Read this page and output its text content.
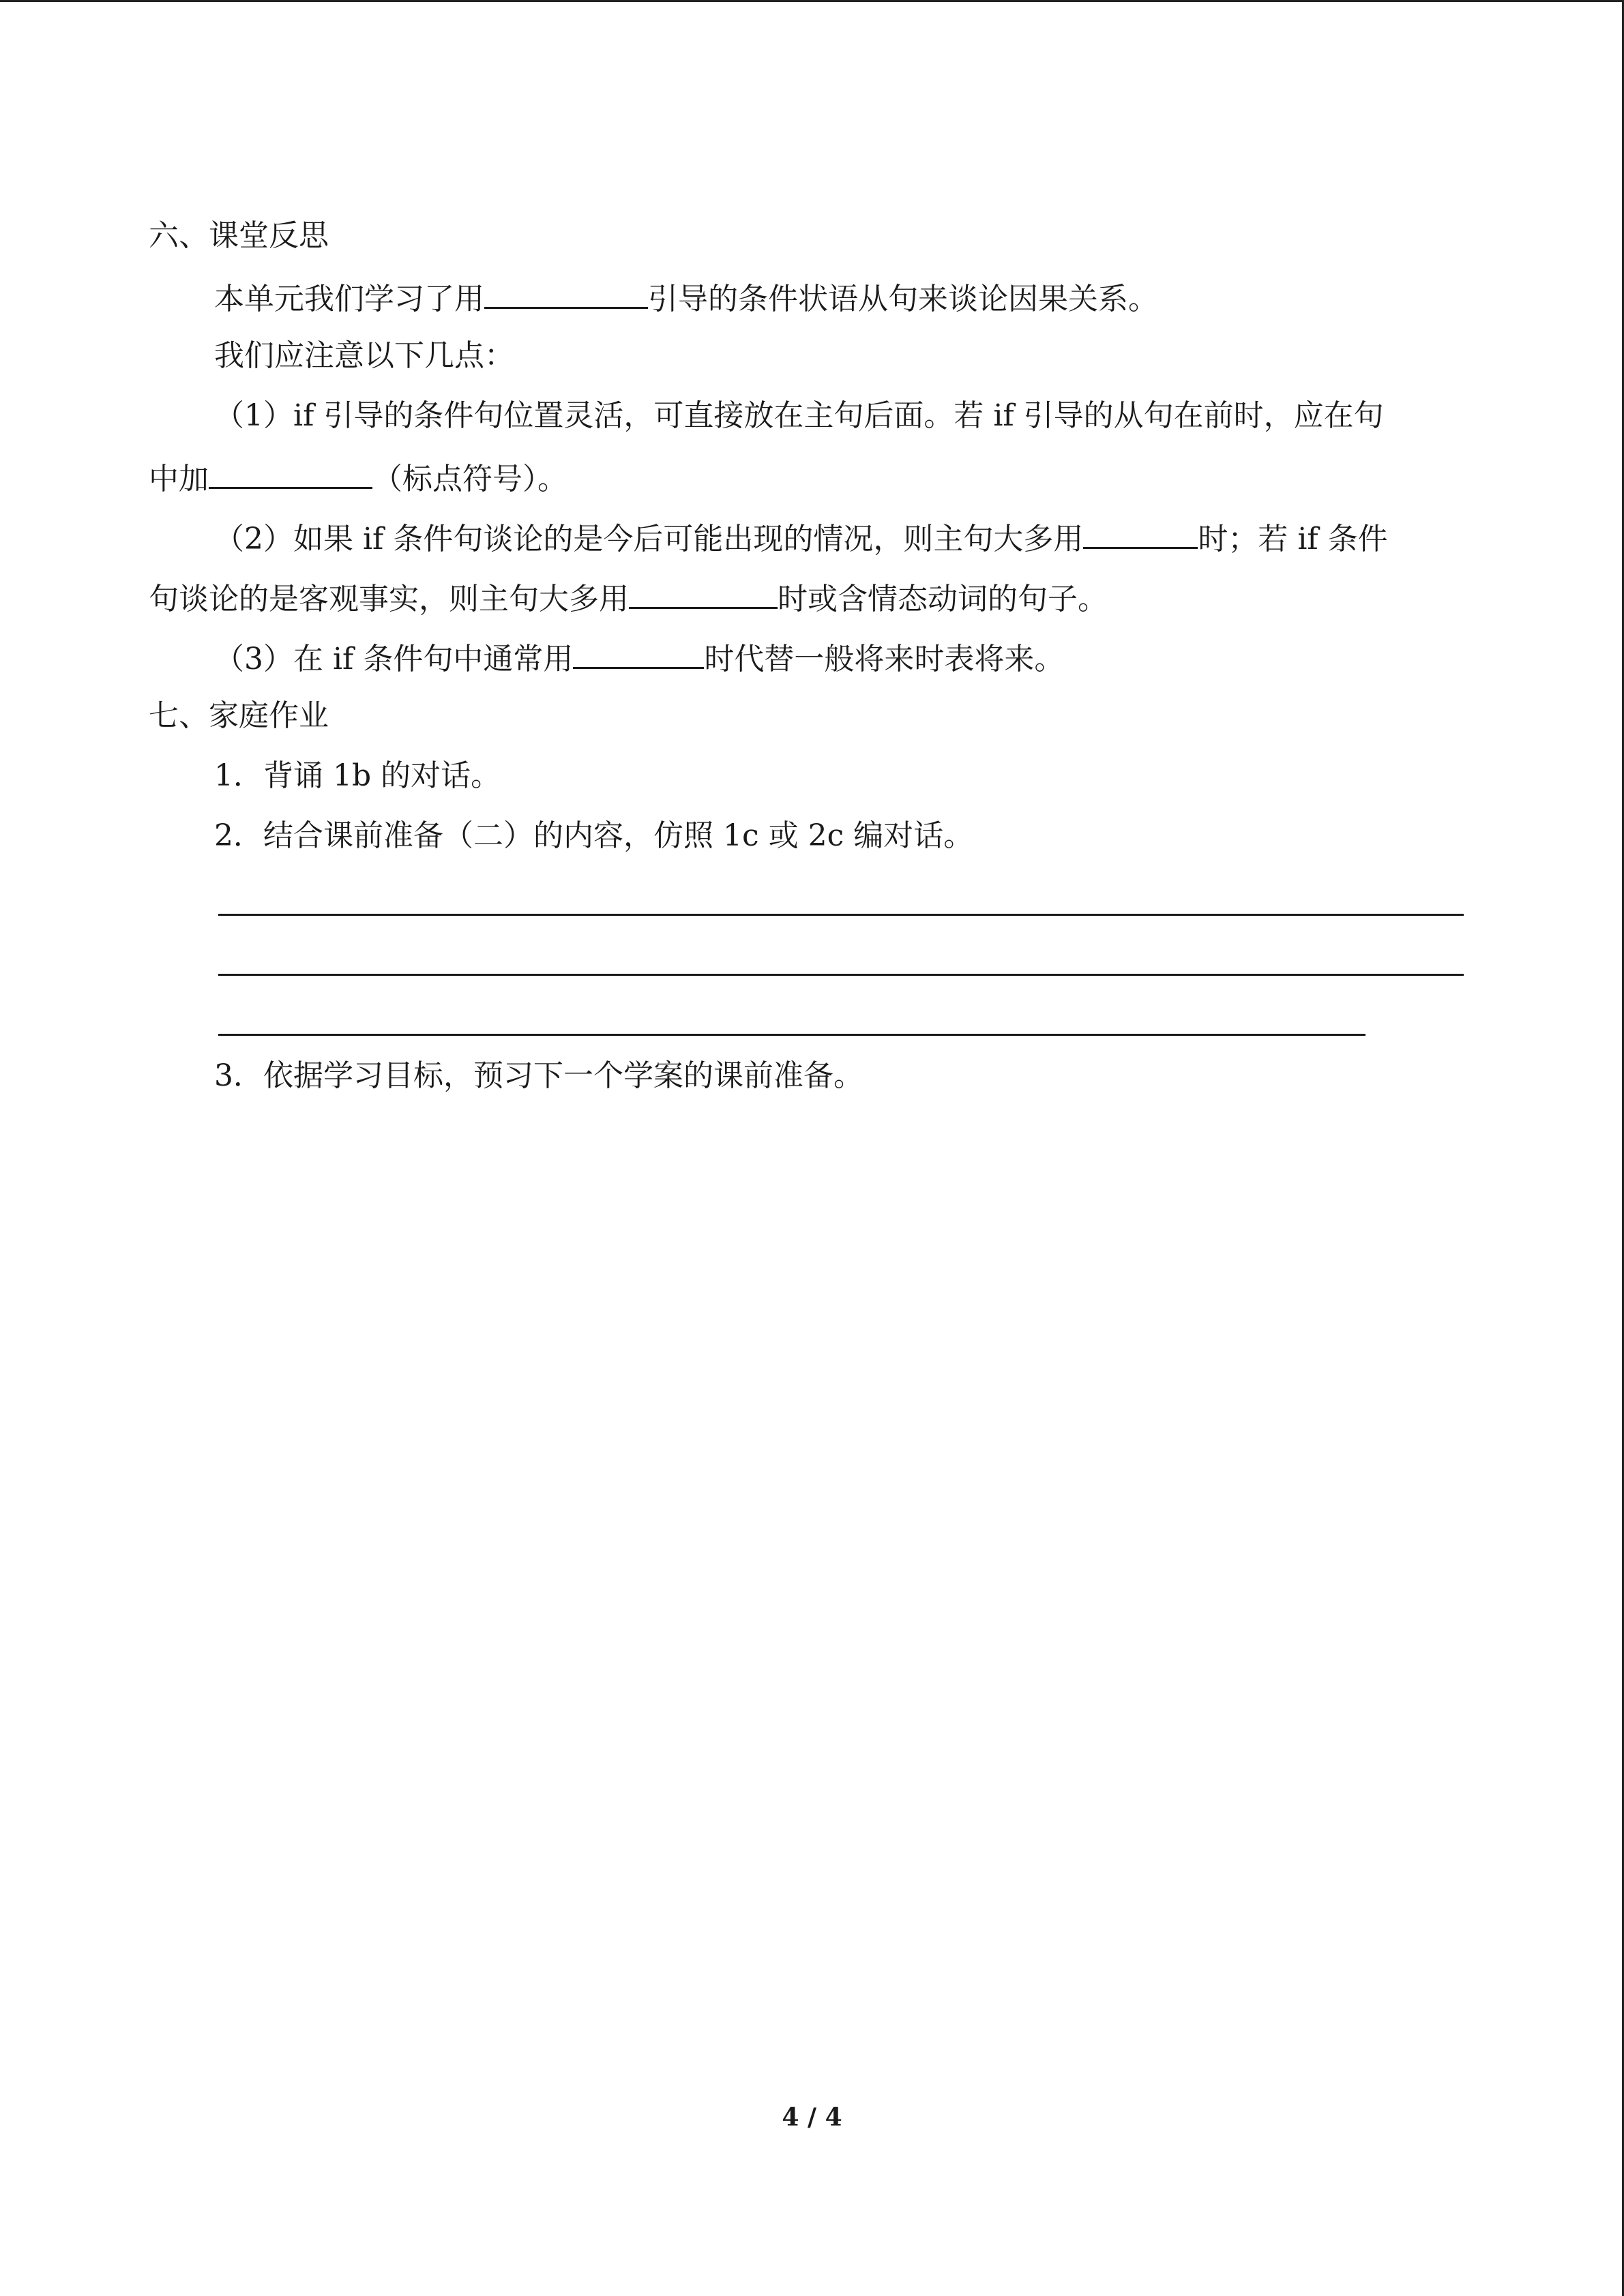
六、课堂反思
本单元我们学习了用	引导的条件状语从句来谈论因果关系。
我们应注意以下几点：
（1）if 引导的条件句位置灵活，可直接放在主句后面。若 if 引导的从句在前时，应在句
中加	（标点符号）。
（2）如果 if 条件句谈论的是今后可能出现的情况，则主句大多用	时；若 if 条件
句谈论的是客观事实，则主句大多用	时或含情态动词的句子。
（3）在 if 条件句中通常用	时代替一般将来时表将来。
七、家庭作业
1．背诵 1b 的对话。
2．结合课前准备（二）的内容，仿照 1c 或 2c 编对话。
3．依据学习目标，预习下一个学案的课前准备。
4 / 4
